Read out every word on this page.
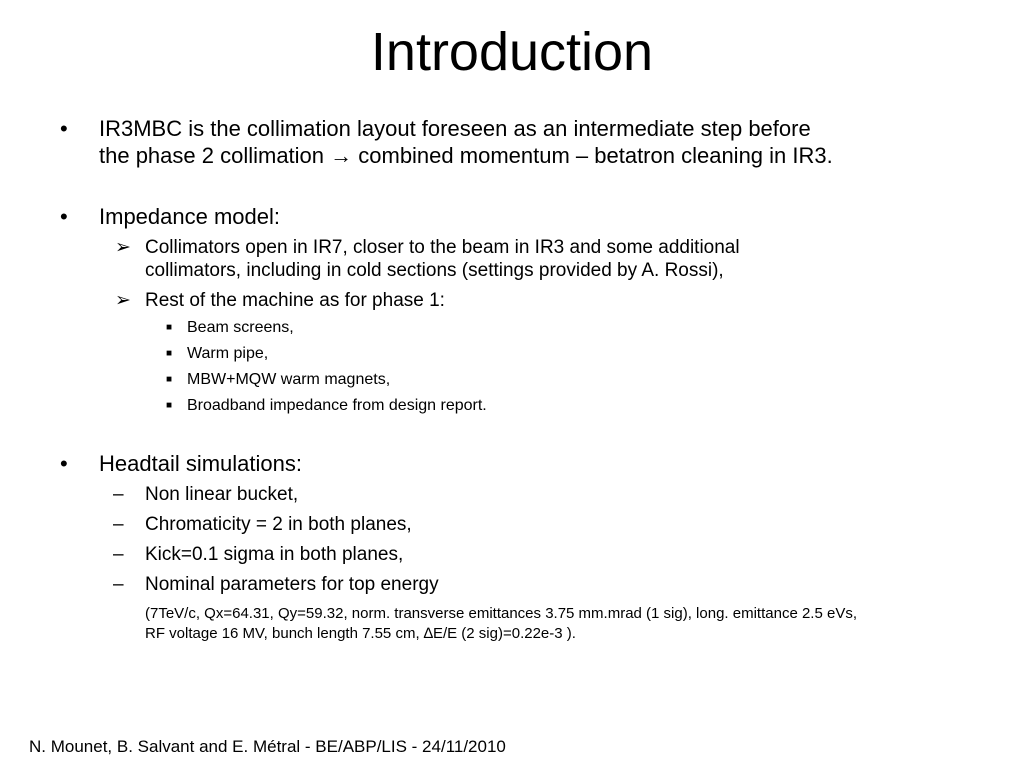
Introduction
•	IR3MBC is the collimation layout foreseen as an intermediate step before
the phase 2 collimation → combined momentum – betatron cleaning in IR3.
•	Impedance model:
➢ Collimators open in IR7, closer to the beam in IR3 and some additional
collimators, including in cold sections (settings provided by A. Rossi),
➢ Rest of the machine as for phase 1:
■ Beam screens,
■ Warm pipe,
■ MBW+MQW warm magnets,
■ Broadband impedance from design report.
•	Headtail simulations:
–	Non linear bucket,
–	Chromaticity = 2 in both planes,
–	Kick=0.1 sigma in both planes,
–	Nominal parameters for top energy
(7TeV/c, Qx=64.31, Qy=59.32, norm. transverse emittances 3.75 mm.mrad (1 sig), long. emittance 2.5 eVs,
RF voltage 16 MV, bunch length 7.55 cm, ∆E/E (2 sig)=0.22e-3 ).
N. Mounet, B. Salvant and E. Métral - BE/ABP/LIS - 24/11/2010
